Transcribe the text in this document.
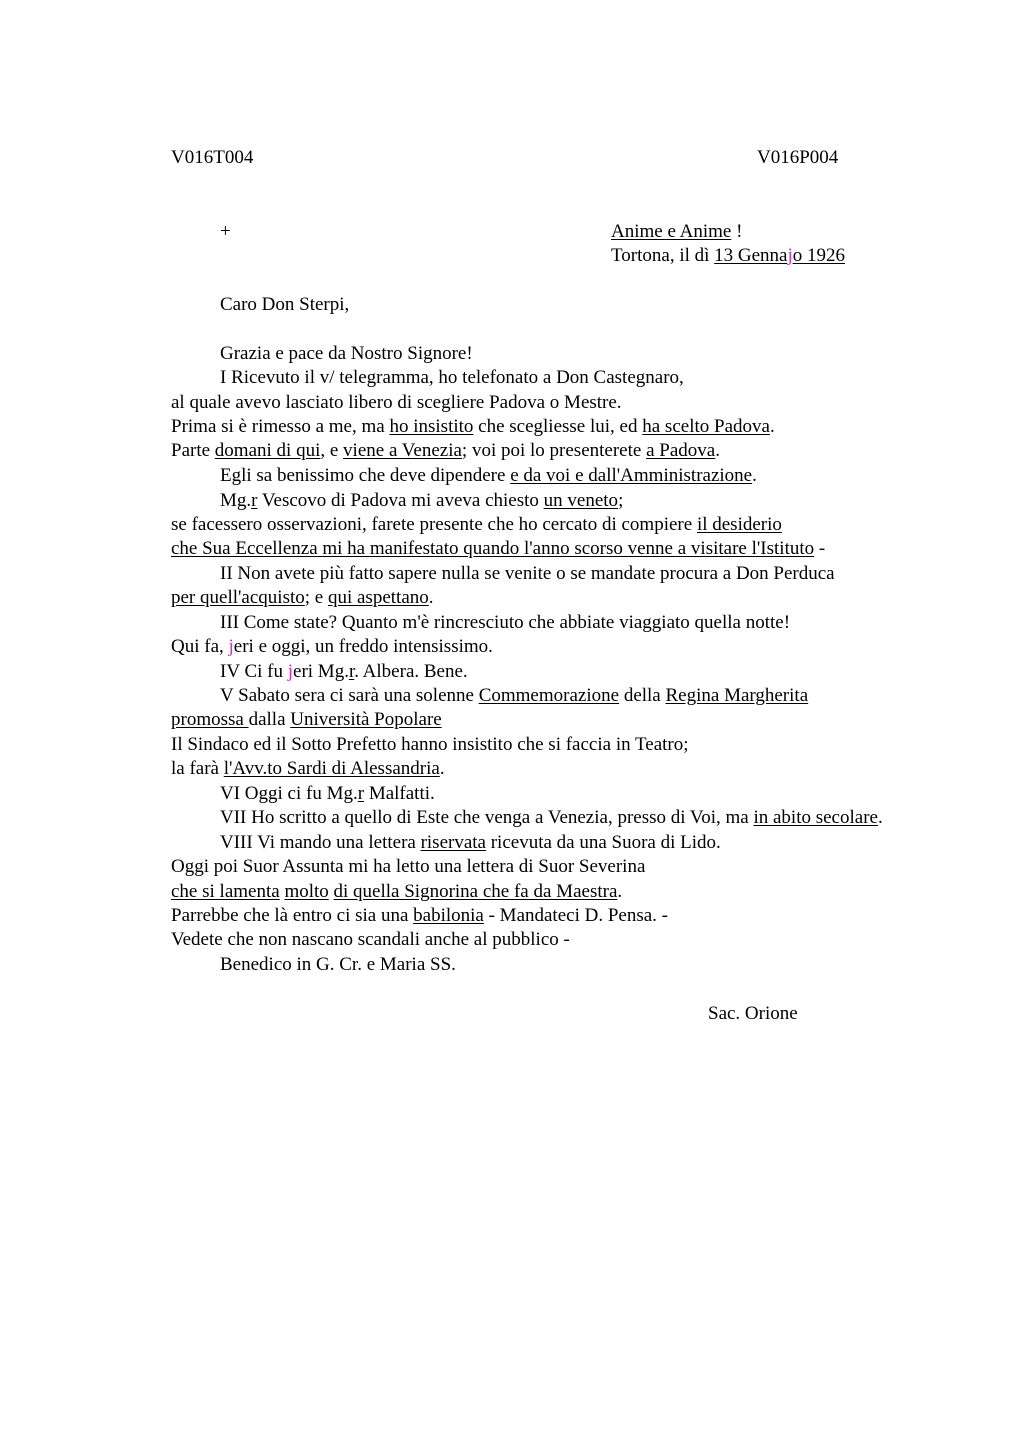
V016T004	V016P004
+	Anime e Anime !
Tortona, il dì 13 Gennajo 1926
Caro Don Sterpi,
Grazia e pace da Nostro Signore!
I Ricevuto il v/ telegramma, ho telefonato a Don Castegnaro,
al quale avevo lasciato libero di scegliere Padova o Mestre.
Prima si è rimesso a me, ma ho insistito che scegliesse lui, ed ha scelto Padova.
Parte domani di qui, e viene a Venezia; voi poi lo presenterete a Padova.
Egli sa benissimo che deve dipendere e da voi e dall'Amministrazione.
Mg.r Vescovo di Padova mi aveva chiesto un veneto;
se facessero osservazioni, farete presente che ho cercato di compiere il desiderio
che Sua Eccellenza mi ha manifestato quando l'anno scorso venne a visitare l'Istituto -
II Non avete più fatto sapere nulla se venite o se mandate procura a Don Perduca
per quell'acquisto; e qui aspettano.
III Come state? Quanto m'è rincresciuto che abbiate viaggiato quella notte!
Qui fa, jeri e oggi, un freddo intensissimo.
IV Ci fu jeri Mg.r. Albera. Bene.
V Sabato sera ci sarà una solenne Commemorazione della Regina Margherita
promossa dalla Università Popolare
Il Sindaco ed il Sotto Prefetto hanno insistito che si faccia in Teatro;
la farà l'Avv.to Sardi di Alessandria.
VI Oggi ci fu Mg.r Malfatti.
VII Ho scritto a quello di Este che venga a Venezia, presso di Voi, ma in abito secolare.
VIII Vi mando una lettera riservata ricevuta da una Suora di Lido.
Oggi poi Suor Assunta mi ha letto una lettera di Suor Severina
che si lamenta molto di quella Signorina che fa da Maestra.
Parrebbe che là entro ci sia una babilonia - Mandateci D. Pensa. -
Vedete che non nascano scandali anche al pubblico -
Benedico in G. Cr. e Maria SS.
Sac. Orione
